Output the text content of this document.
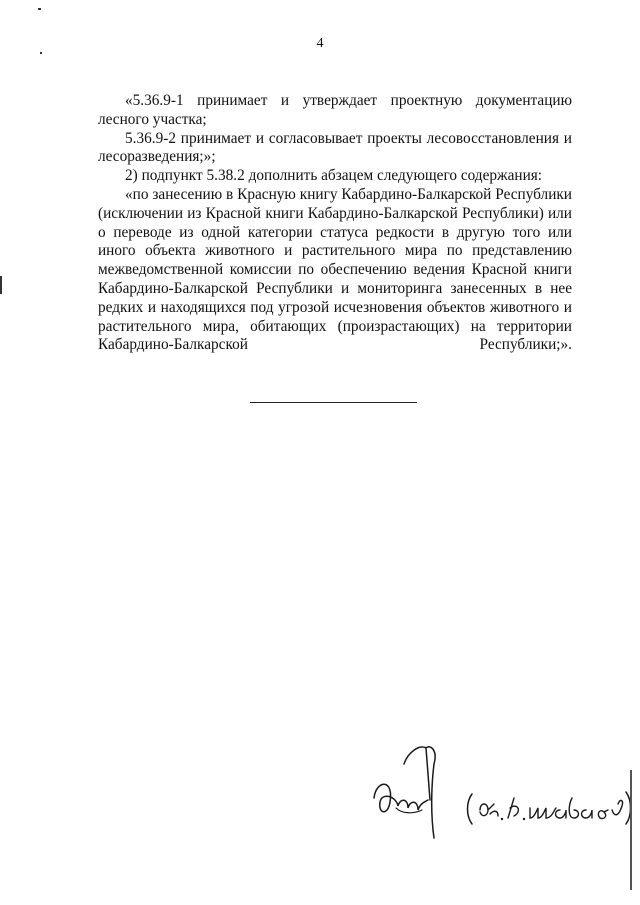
4

«5.36.9-1 принимает и утверждает проектную документацию лесного участка;

5.36.9-2 принимает и согласовывает проекты лесовосстановления и лесоразведения;»;

2) подпункт 5.38.2 дополнить абзацем следующего содержания:

«по занесению в Красную книгу Кабардино-Балкарской Республики (исключении из Красной книги Кабардино-Балкарской Республики) или о переводе из одной категории статуса редкости в другую того или иного объекта животного и растительного мира по представлению межведомственной комиссии по обеспечению ведения Красной книги Кабардино-Балкарской Республики и мониторинга занесенных в нее редких и находящихся под угрозой исчезновения объектов животного и растительного мира, обитающих (произрастающих) на территории Кабардино-Балкарской Республики;».
